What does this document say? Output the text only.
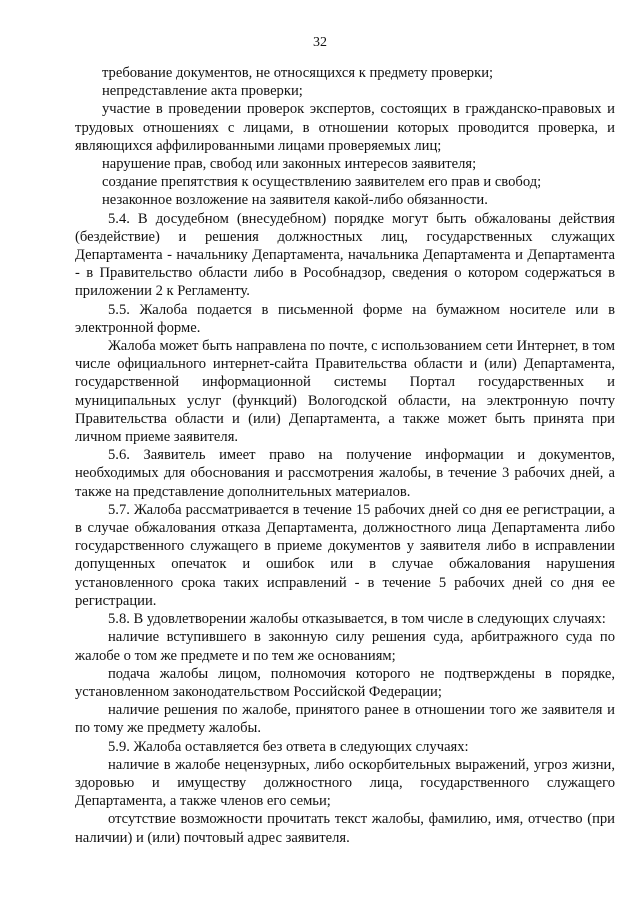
32

требование документов, не относящихся к предмету проверки;

непредставление акта проверки;

участие в проведении проверок экспертов, состоящих в гражданско-правовых и трудовых отношениях с лицами, в отношении которых проводится проверка, и являющихся аффилированными лицами проверяемых лиц;

нарушение прав, свобод или законных интересов заявителя;

создание препятствия к осуществлению заявителем его прав и свобод;

незаконное возложение на заявителя какой-либо обязанности.

5.4. В досудебном (внесудебном) порядке могут быть обжалованы действия (бездействие) и решения должностных лиц, государственных служащих Департамента - начальнику Департамента, начальника Департамента и Департамента - в Правительство области либо в Рособнадзор, сведения о котором содержаться в приложении 2 к Регламенту.

5.5. Жалоба подается в письменной форме на бумажном носителе или в электронной форме.

Жалоба может быть направлена по почте, с использованием сети Интернет, в том числе официального интернет-сайта Правительства области и (или) Департамента, государственной информационной системы Портал государственных и муниципальных услуг (функций) Вологодской области, на электронную почту Правительства области и (или) Департамента, а также может быть принята при личном приеме заявителя.

5.6. Заявитель имеет право на получение информации и документов, необходимых для обоснования и рассмотрения жалобы, в течение 3 рабочих дней, а также на представление дополнительных материалов.

5.7. Жалоба рассматривается в течение 15 рабочих дней со дня ее регистрации, а в случае обжалования отказа Департамента, должностного лица Департамента либо государственного служащего в приеме документов у заявителя либо в исправлении допущенных опечаток и ошибок или в случае обжалования нарушения установленного срока таких исправлений - в течение 5 рабочих дней со дня ее регистрации.

5.8. В удовлетворении жалобы отказывается, в том числе в следующих случаях:

наличие вступившего в законную силу решения суда, арбитражного суда по жалобе о том же предмете и по тем же основаниям;

подача жалобы лицом, полномочия которого не подтверждены в порядке, установленном законодательством Российской Федерации;

наличие решения по жалобе, принятого ранее в отношении того же заявителя и по тому же предмету жалобы.

5.9. Жалоба оставляется без ответа в следующих случаях:

наличие в жалобе нецензурных, либо оскорбительных выражений, угроз жизни, здоровью и имуществу должностного лица, государственного служащего Департамента, а также членов его семьи;

отсутствие возможности прочитать текст жалобы, фамилию, имя, отчество (при наличии) и (или) почтовый адрес заявителя.
